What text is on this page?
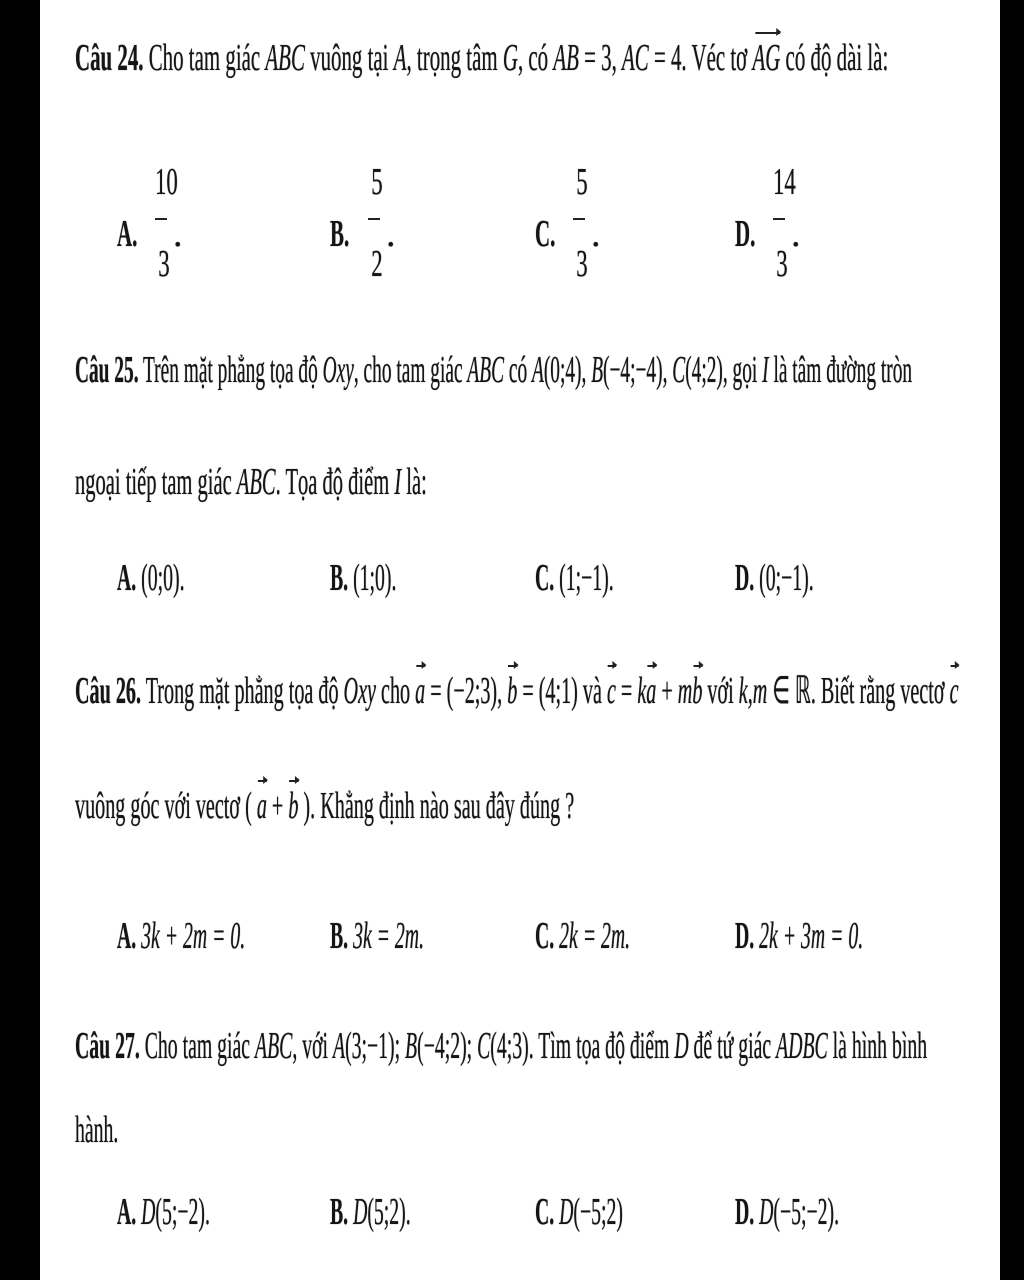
Câu 24. Cho tam giác ABC vuông tại A, trọng tâm G, có AB = 3, AC = 4. Véc tơ AG có độ dài là:
A.
10
.
3
B.
5
.
2
C.
5
.
3
D.
14
.
3
Câu 25. Trên mặt phẳng tọa độ Oxy, cho tam giác ABC có A(0;4), B(−4;−4), C(4;2), gọi I là tâm đường tròn
ngoại tiếp tam giác ABC. Tọa độ điểm I là:
A. (0;0).	B. (1;0).	C. (1;−1).	D. (0;−1).
Câu 26. Trong mặt phẳng tọa độ Oxy cho a = (−2;3), b = (4;1) và c = ka + mb với k,m ∈ ℝ. Biết rằng vectơ c
vuông góc với vectơ ( a + b ). Khẳng định nào sau đây đúng ?
A. 3k + 2m = 0. B. 3k = 2m.	C. 2k = 2m.	D. 2k + 3m = 0.
Câu 27. Cho tam giác ABC, với A(3;−1); B(−4;2); C(4;3). Tìm tọa độ điểm D để tứ giác ADBC là hình bình
hành.
A. D(5;−2).	B. D(5;2).	C. D(−5;2)	D. D(−5;−2).
